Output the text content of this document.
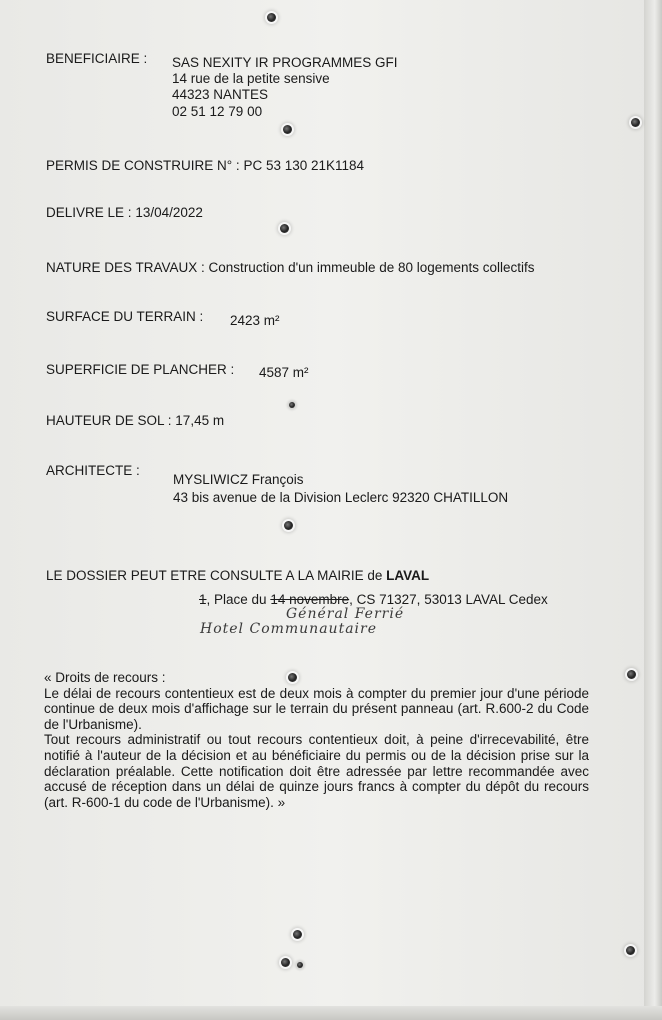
BENEFICIAIRE : SAS NEXITY IR PROGRAMMES GFI
14 rue de la petite sensive
44323 NANTES
02 51 12 79 00
PERMIS DE CONSTRUIRE N° : PC 53 130 21K1184
DELIVRE LE : 13/04/2022
NATURE DES TRAVAUX : Construction d'un immeuble de 80 logements collectifs
SURFACE DU TERRAIN : 2423 m²
SUPERFICIE DE PLANCHER : 4587 m²
HAUTEUR DE SOL : 17,45 m
ARCHITECTE :
MYSLIWICZ François
43 bis avenue de la Division Leclerc 92320 CHATILLON
LE DOSSIER PEUT ETRE CONSULTE A LA MAIRIE de LAVAL
1, Place du 14 novembre, CS 71327, 53013 LAVAL Cedex
Général Ferrié
Hotel Communautaire

« Droits de recours :

Le délai de recours contentieux est de deux mois à compter du premier jour d'une période continue de deux mois d'affichage sur le terrain du présent panneau (art. R.600-2 du Code de l'Urbanisme).

Tout recours administratif ou tout recours contentieux doit, à peine d'irrecevabilité, être notifié à l'auteur de la décision et au bénéficiaire du permis ou de la décision prise sur la déclaration préalable. Cette notification doit être adressée par lettre recommandée avec accusé de réception dans un délai de quinze jours francs à compter du dépôt du recours (art. R-600-1 du code de l'Urbanisme). »
